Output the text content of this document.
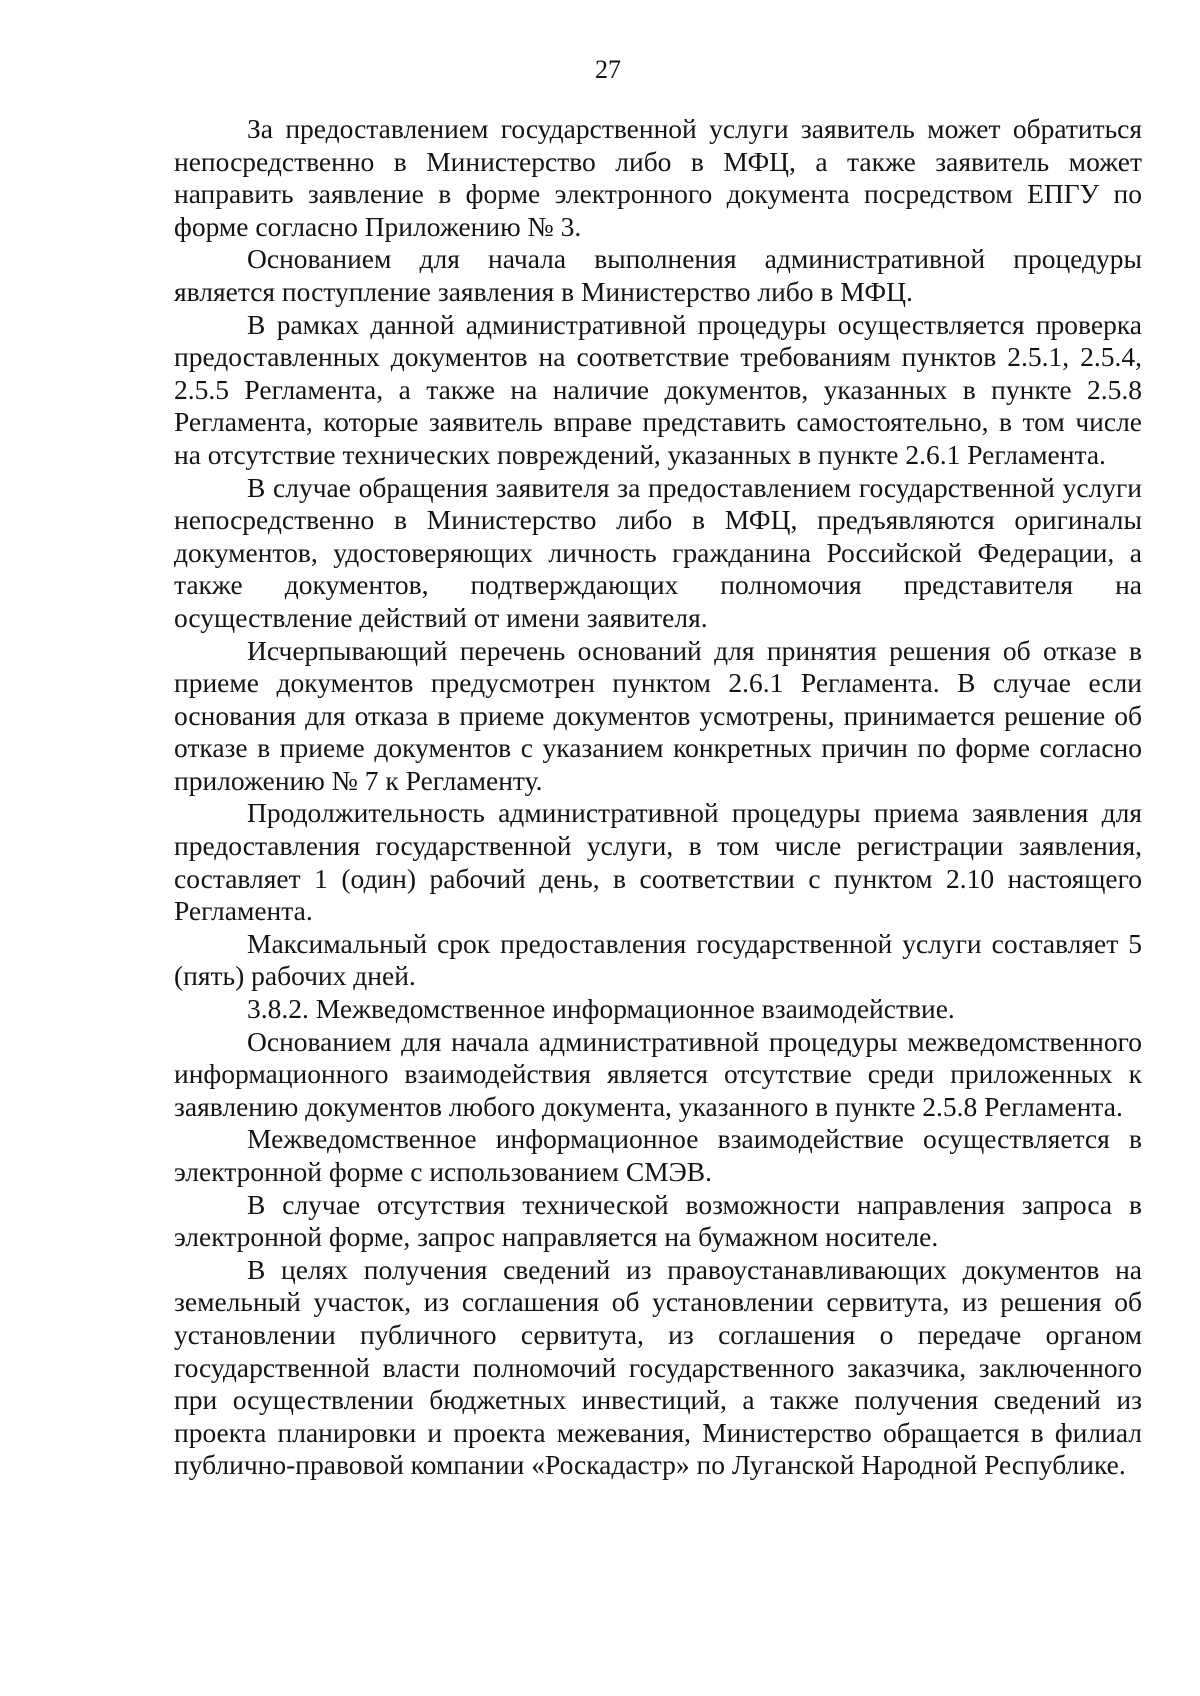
27

За предоставлением государственной услуги заявитель может обратиться непосредственно в Министерство либо в МФЦ, а также заявитель может направить заявление в форме электронного документа посредством ЕПГУ по форме согласно Приложению № 3.

Основанием для начала выполнения административной процедуры является поступление заявления в Министерство либо в МФЦ.

В рамках данной административной процедуры осуществляется проверка предоставленных документов на соответствие требованиям пунктов 2.5.1, 2.5.4, 2.5.5 Регламента, а также на наличие документов, указанных в пункте 2.5.8 Регламента, которые заявитель вправе представить самостоятельно, в том числе на отсутствие технических повреждений, указанных в пункте 2.6.1 Регламента.

В случае обращения заявителя за предоставлением государственной услуги непосредственно в Министерство либо в МФЦ, предъявляются оригиналы документов, удостоверяющих личность гражданина Российской Федерации, а также документов, подтверждающих полномочия представителя на осуществление действий от имени заявителя.

Исчерпывающий перечень оснований для принятия решения об отказе в приеме документов предусмотрен пунктом 2.6.1 Регламента. В случае если основания для отказа в приеме документов усмотрены, принимается решение об отказе в приеме документов с указанием конкретных причин по форме согласно приложению № 7 к Регламенту.

Продолжительность административной процедуры приема заявления для предоставления государственной услуги, в том числе регистрации заявления, составляет 1 (один) рабочий день, в соответствии с пунктом 2.10 настоящего Регламента.

Максимальный срок предоставления государственной услуги составляет 5 (пять) рабочих дней.

3.8.2. Межведомственное информационное взаимодействие.

Основанием для начала административной процедуры межведомственного информационного взаимодействия является отсутствие среди приложенных к заявлению документов любого документа, указанного в пункте 2.5.8 Регламента.

Межведомственное информационное взаимодействие осуществляется в электронной форме с использованием СМЭВ.

В случае отсутствия технической возможности направления запроса в электронной форме, запрос направляется на бумажном носителе.

В целях получения сведений из правоустанавливающих документов на земельный участок, из соглашения об установлении сервитута, из решения об установлении публичного сервитута, из соглашения о передаче органом государственной власти полномочий государственного заказчика, заключенного при осуществлении бюджетных инвестиций, а также получения сведений из проекта планировки и проекта межевания, Министерство обращается в филиал публично-правовой компании «Роскадастр» по Луганской Народной Республике.
